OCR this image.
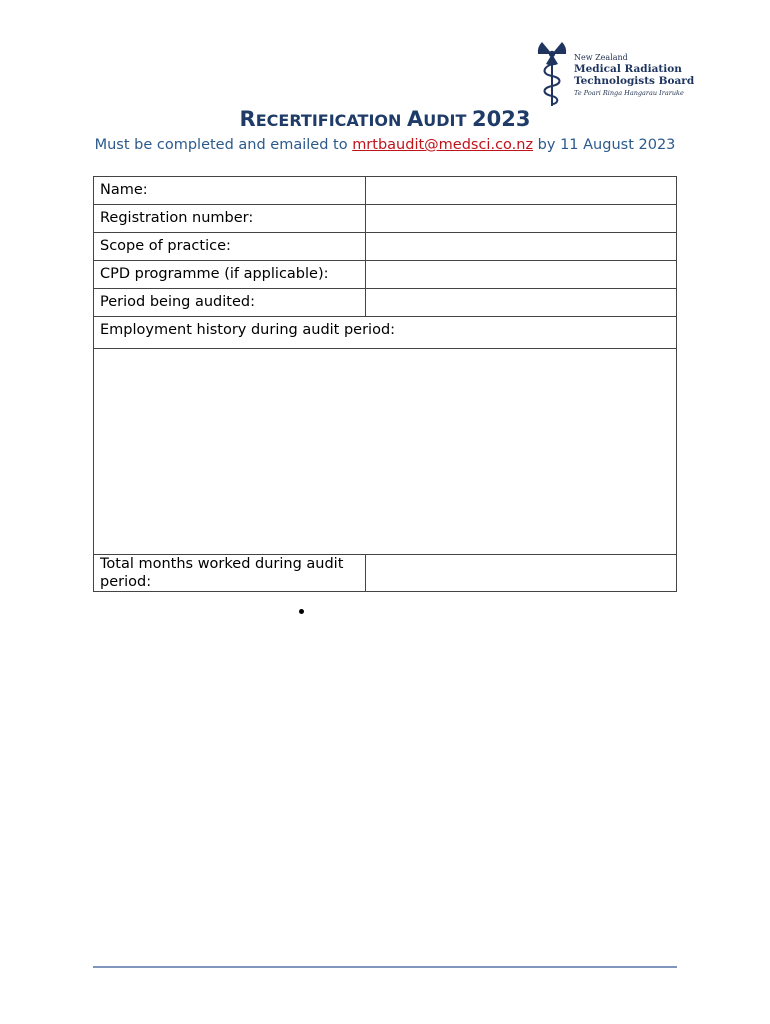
New Zealand
Medical Radiation
Technologists Board
Te Poari Ringa Hangarau Iraruke
RECERTIFICATION AUDIT 2023
Must be completed and emailed to mrtbaudit@medsci.co.nz by 11 August 2023
Name:	
Registration number:	
Scope of practice:	
CPD programme (if applicable):	
Period being audited:	
Employment history during audit period:	

Total months worked during audit period:	
